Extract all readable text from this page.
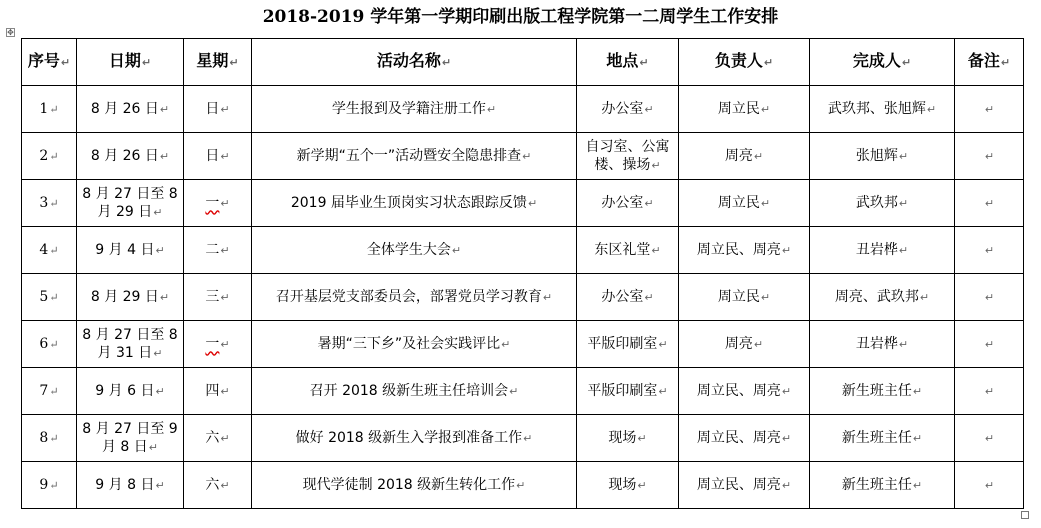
2018-2019 学年第一学期印刷出版工程学院第一二周学生工作安排
✥
序号↵	日期↵	星期↵	活动名称↵	地点↵	负责人↵	完成人↵	备注↵
1↵	8 月 26 日↵	日↵	学生报到及学籍注册工作↵	办公室↵	周立民↵	武玖邦、张旭辉↵	↵
2↵	8 月 26 日↵	日↵	新学期“五个一”活动暨安全隐患排查↵	自习室、公寓楼、操场↵	周亮↵	张旭辉↵	↵
3↵	8 月 27 日至 8 月 29 日↵	一↵	2019 届毕业生顶岗实习状态跟踪反馈↵	办公室↵	周立民↵	武玖邦↵	↵
4↵	9 月 4 日↵	二↵	全体学生大会↵	东区礼堂↵	周立民、周亮↵	丑岩桦↵	↵
5↵	8 月 29 日↵	三↵	召开基层党支部委员会，部署党员学习教育↵	办公室↵	周立民↵	周亮、武玖邦↵	↵
6↵	8 月 27 日至 8 月 31 日↵	一↵	暑期“三下乡”及社会实践评比↵	平版印刷室↵	周亮↵	丑岩桦↵	↵
7↵	9 月 6 日↵	四↵	召开 2018 级新生班主任培训会↵	平版印刷室↵	周立民、周亮↵	新生班主任↵	↵
8↵	8 月 27 日至 9 月 8 日↵	六↵	做好 2018 级新生入学报到准备工作↵	现场↵	周立民、周亮↵	新生班主任↵	↵
9↵	9 月 8 日↵	六↵	现代学徒制 2018 级新生转化工作↵	现场↵	周立民、周亮↵	新生班主任↵	↵
